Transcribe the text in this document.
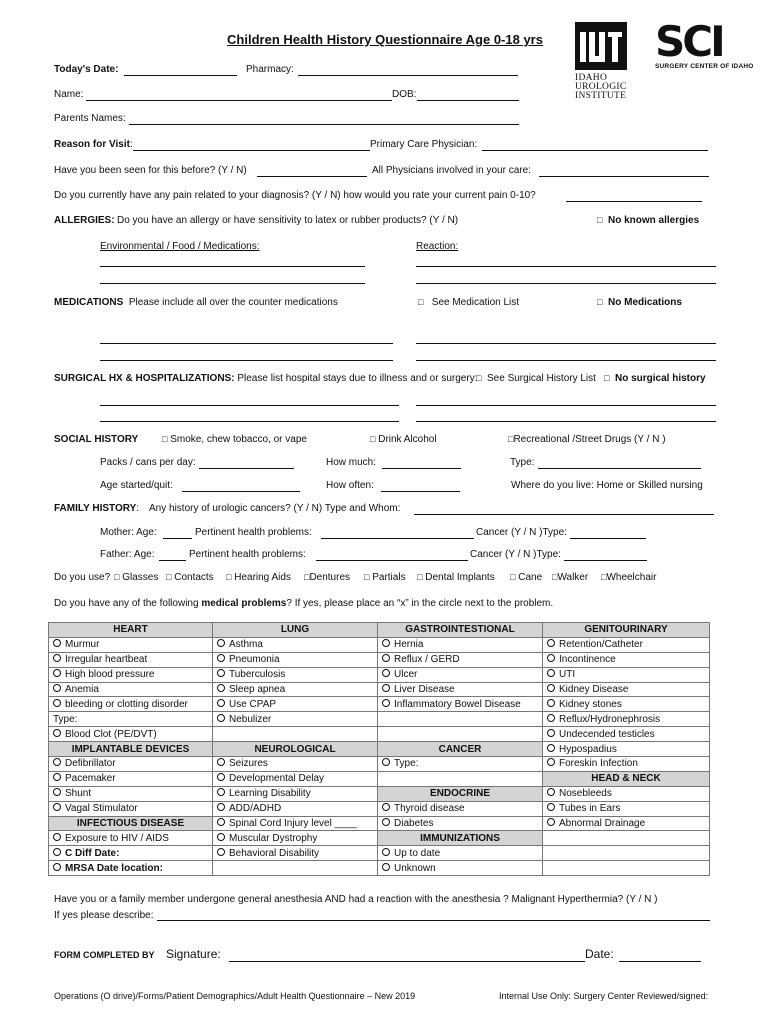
Children Health History Questionnaire Age 0-18 yrs
IDAHO
UROLOGIC
INSTITUTE
SCI
SURGERY CENTER OF IDAHO
Today's Date:	Pharmacy:
Name:	DOB:
Parents Names:
Reason for Visit:	Primary Care Physician:
Have you been seen for this before? (Y / N)	All Physicians involved in your care:
Do you currently have any pain related to your diagnosis? (Y / N) how would you rate your current pain 0-10?
ALLERGIES: Do you have an allergy or have sensitivity to latex or rubber products? (Y / N)	□ No known allergies
Environmental / Food / Medications:	Reaction:
MEDICATIONS Please include all over the counter medications	□ See Medication List	□ No Medications
SURGICAL HX & HOSPITALIZATIONS: Please list hospital stays due to illness and or surgery:
□ See Surgical History List □ No surgical history
SOCIAL HISTORY	□ Smoke, chew tobacco, or vape	□ Drink Alcohol	□Recreational /Street Drugs (Y / N )
Packs / cans per day:	How much:	Type:
Age started/quit:	How often:	Where do you live: Home or Skilled nursing
FAMILY HISTORY: Any history of urologic cancers? (Y / N) Type and Whom:
Mother: Age:	Pertinent health problems:	Cancer (Y / N )Type:
Father: Age:	Pertinent health problems:	Cancer (Y / N )Type:
Do you use? □ Glasses □ Contacts □ Hearing Aids □Dentures □ Partials □ Dental Implants □ Cane □Walker □Wheelchair
Do you have any of the following medical problems? If yes, please place an “x” in the circle next to the problem.
HEART	LUNG	GASTROINTESTIONAL	GENITOURINARY
Murmur	Asthma	Hernia	Retention/Catheter
Irregular heartbeat	Pneumonia	Reflux / GERD	Incontinence
High blood pressure	Tuberculosis	Ulcer	UTI
Anemia	Sleep apnea	Liver Disease	Kidney Disease
bleeding or clotting disorder	Use CPAP	Inflammatory Bowel Disease	Kidney stones
Type:	Nebulizer		Reflux/Hydronephrosis
Blood Clot (PE/DVT)			Undecended testicles
IMPLANTABLE DEVICES	NEUROLOGICAL	CANCER	Hypospadius
Defibrillator	Seizures	Type:	Foreskin Infection
Pacemaker	Developmental Delay		HEAD & NECK
Shunt	Learning Disability	ENDOCRINE	Nosebleeds
Vagal Stimulator	ADD/ADHD	Thyroid disease	Tubes in Ears
INFECTIOUS DISEASE	Spinal Cord Injury level ____	Diabetes	Abnormal Drainage
Exposure to HIV / AIDS	Muscular Dystrophy	IMMUNIZATIONS	
C Diff Date:	Behavioral Disability	Up to date	
MRSA Date location:		Unknown	
Have you or a family member undergone general anesthesia AND had a reaction with the anesthesia ? Malignant Hyperthermia? (Y / N )
If yes please describe:
FORM COMPLETED BY Signature:	Date:
Operations (O drive)/Forms/Patient Demographics/Adult Health Questionnaire – New 2019	Internal Use Only: Surgery Center Reviewed/signed:
